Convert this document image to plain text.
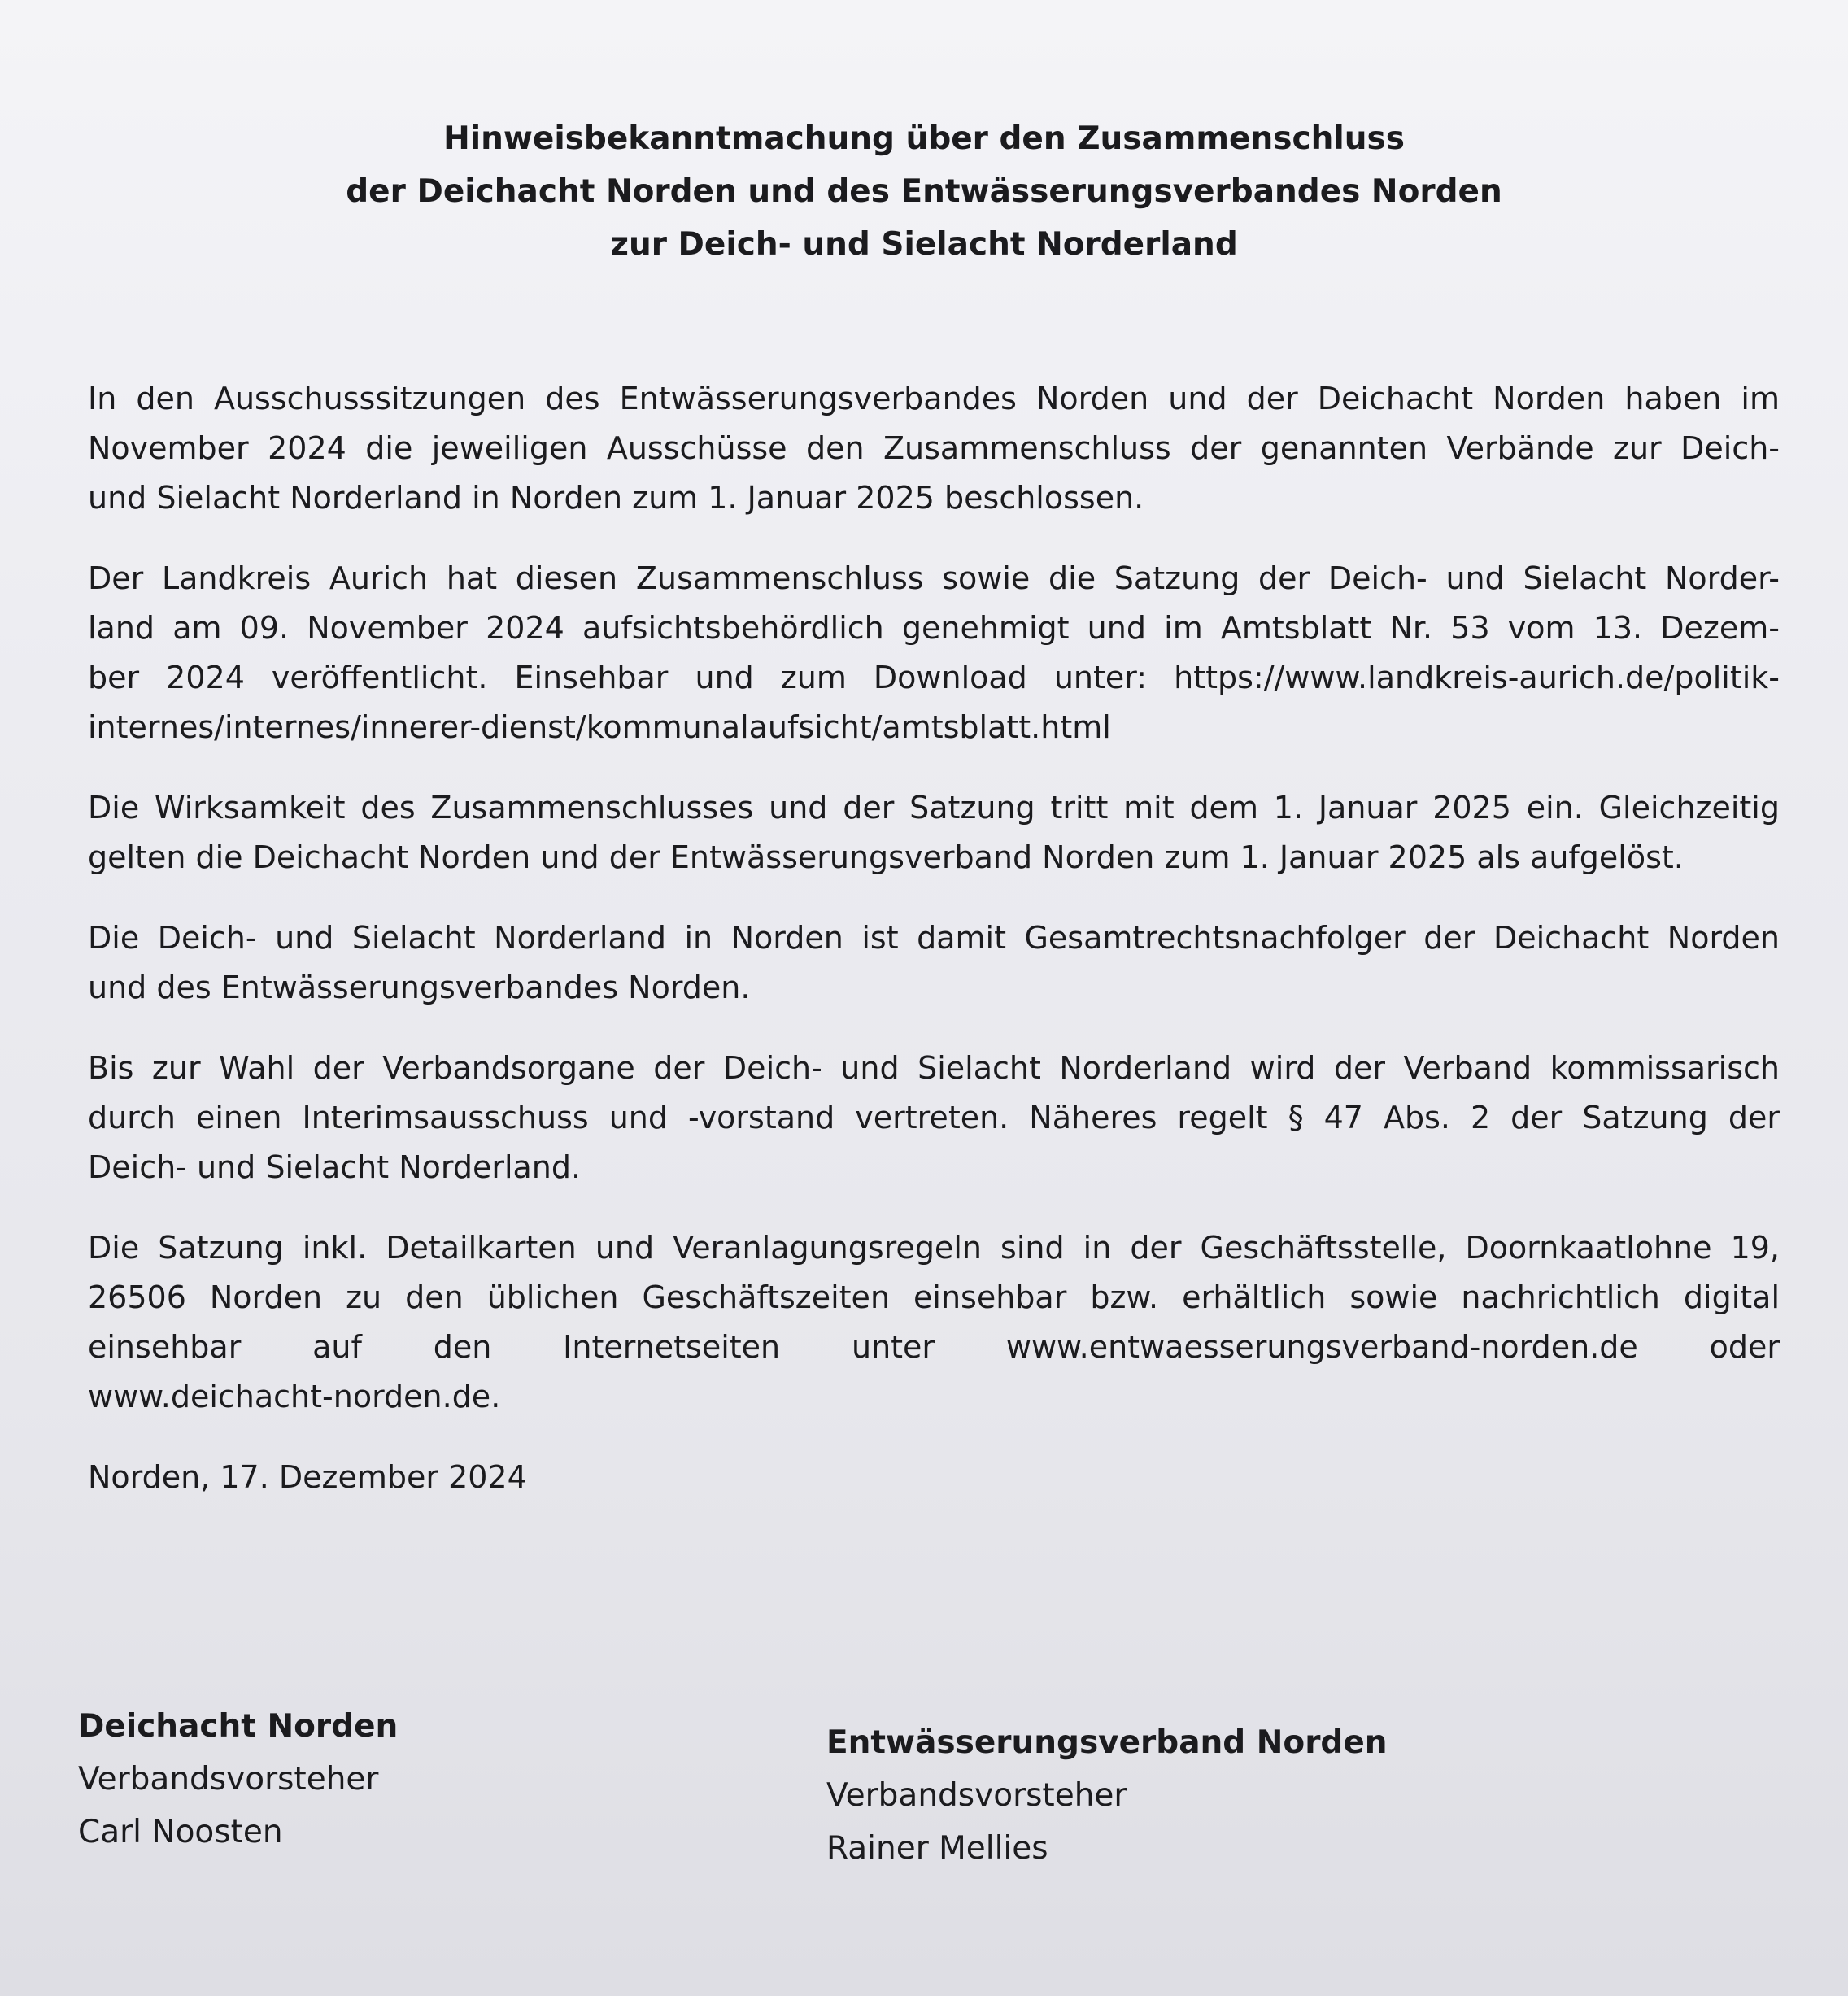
Hinweisbekanntmachung über den Zusammenschluss
der Deichacht Norden und des Entwässerungsverbandes Norden
zur Deich- und Sielacht Norderland
In den Ausschusssitzungen des Entwässerungsverbandes Norden und der Deichacht Norden haben im
November 2024 die jeweiligen Ausschüsse den Zusammenschluss der genannten Verbände zur Deich-
und Sielacht Norderland in Norden zum 1. Januar 2025 beschlossen.
Der Landkreis Aurich hat diesen Zusammenschluss sowie die Satzung der Deich- und Sielacht Norder-
land am 09. November 2024 aufsichtsbehördlich genehmigt und im Amtsblatt Nr. 53 vom 13. Dezem-
ber 2024 veröffentlicht. Einsehbar und zum Download unter: https://www.landkreis-aurich.de/politik-
internes/internes/innerer-dienst/kommunalaufsicht/amtsblatt.html
Die Wirksamkeit des Zusammenschlusses und der Satzung tritt mit dem 1. Januar 2025 ein. Gleichzeitig
gelten die Deichacht Norden und der Entwässerungsverband Norden zum 1. Januar 2025 als aufgelöst.
Die Deich- und Sielacht Norderland in Norden ist damit Gesamtrechtsnachfolger der Deichacht Norden
und des Entwässerungsverbandes Norden.
Bis zur Wahl der Verbandsorgane der Deich- und Sielacht Norderland wird der Verband kommissarisch
durch einen Interimsausschuss und -vorstand vertreten. Näheres regelt § 47 Abs. 2 der Satzung der
Deich- und Sielacht Norderland.
Die Satzung inkl. Detailkarten und Veranlagungsregeln sind in der Geschäftsstelle, Doornkaatlohne 19,
26506 Norden zu den üblichen Geschäftszeiten einsehbar bzw. erhältlich sowie nachrichtlich digital
einsehbar auf den Internetseiten unter www.entwaesserungsverband-norden.de oder
www.deichacht-norden.de.
Norden, 17. Dezember 2024
Deichacht Norden
Verbandsvorsteher
Carl Noosten
Entwässerungsverband Norden
Verbandsvorsteher
Rainer Mellies
